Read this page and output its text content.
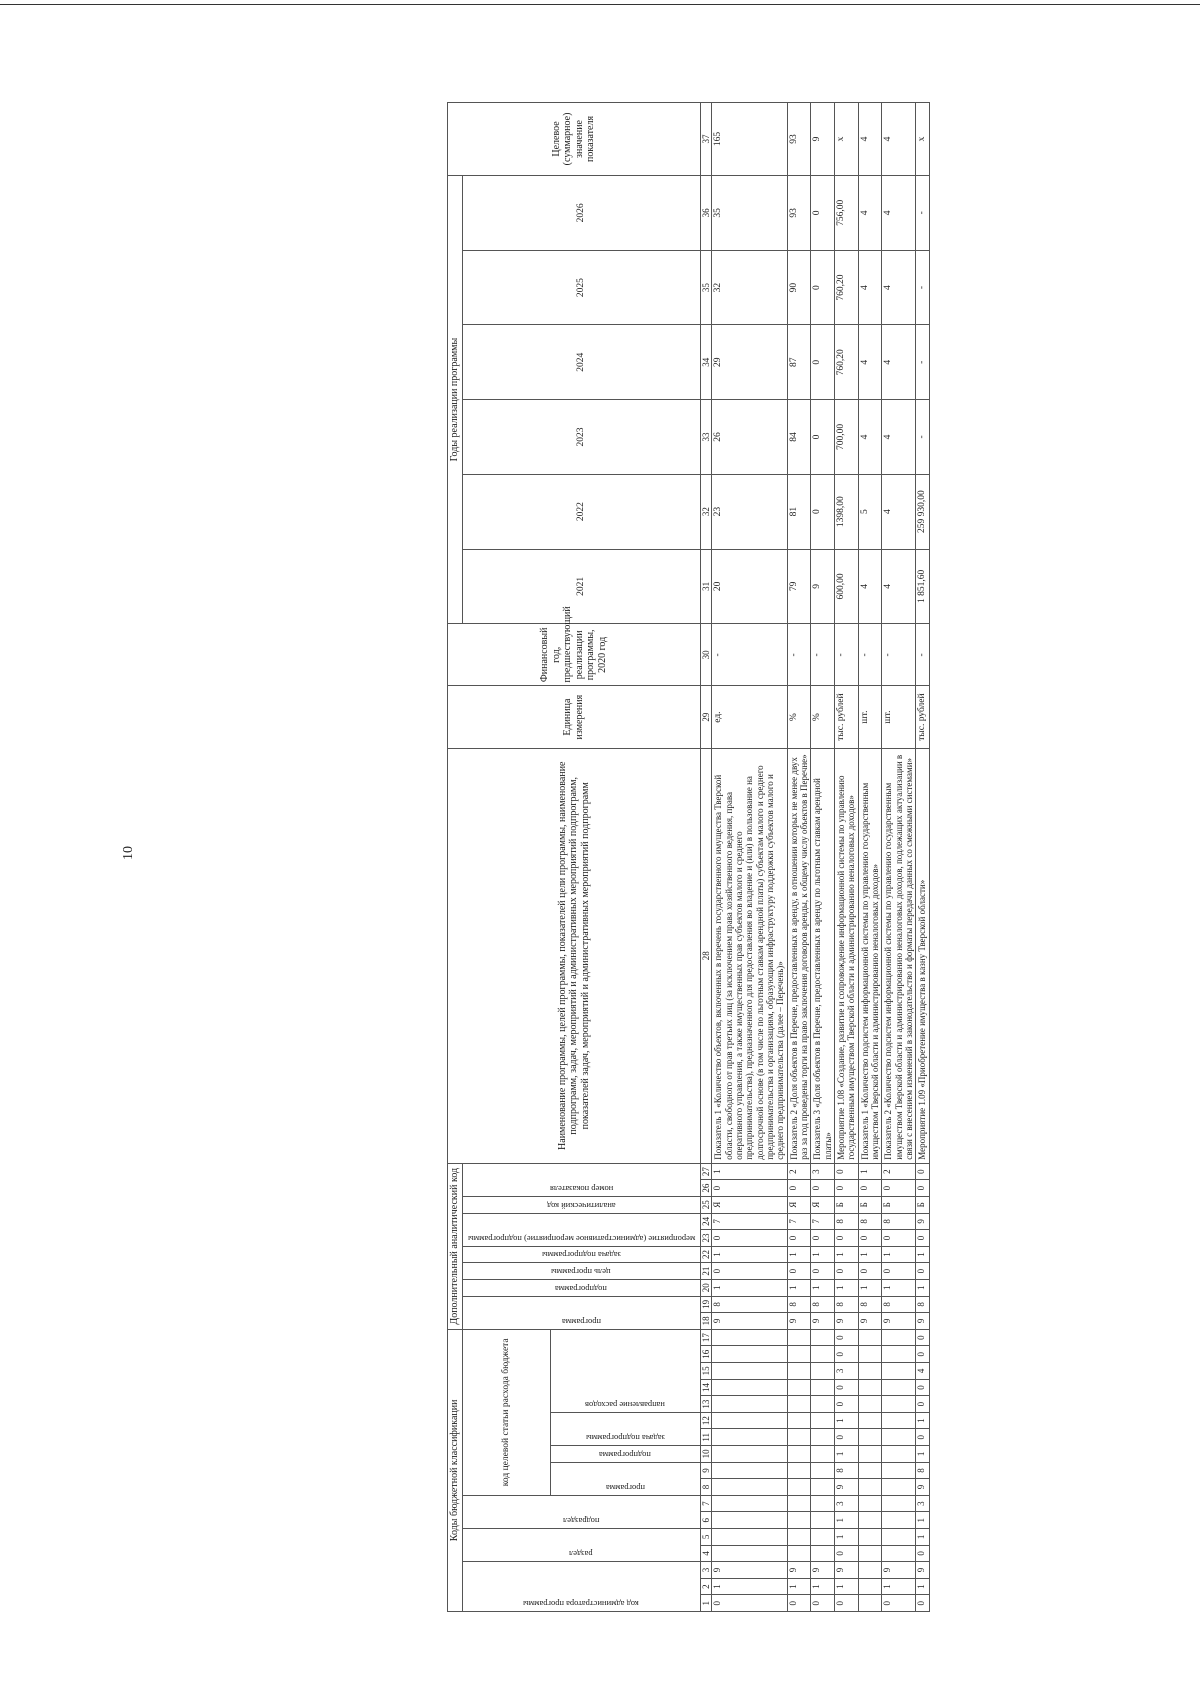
10
Коды бюджетной классификации																	Дополнительный аналитический код										Наименование программы, целей программы, показателей цели программы, наименование подпрограмм, задач, мероприятий и административных мероприятий подпрограмм, показателей задач, мероприятий и административных мероприятий подпрограмм	Единица измерения	Финансовый год, предшествующий реализации программы, 2020 год	Годы реализации программы						Целевое (суммарное) значение показателя

код администратора программы			раздел		подраздел		код целевой статьи расхода бюджета										программа		подпрограмма	цель программы	задача подпрограммы	мероприятие (административное мероприятие) подпрограммы		аналитический код	номер показателя					2021	2022	2023	2024	2025	2026	

							программа		подпрограмма	задача подпрограммы		направление расходов																								

1	2	3	4	5	6	7	8	9	10	11	12	13	14	15	16	17	18	19	20	21	22	23	24	25	26	27	28	29	30	31	32	33	34	35	36	37
0	1	9															9	8	1	0	1	0	7	Я	0	1	Показатель 1 «Количество объектов, включенных в перечень государственного имущества Тверской области, свободного от прав третьих лиц (за исключением права хозяйственного ведения, права оперативного управления, а также имущественных прав субъектов малого и среднего предпринимательства), предназначенного для предоставления во владение и (или) в пользование на долгосрочной основе (в том числе по льготным ставкам арендной платы) субъектам малого и среднего предпринимательства и организациям, образующим инфраструктуру поддержки субъектов малого и среднего предпринимательства (далее – Перечень)»	ед.	-	20	23	26	29	32	35	165
0	1	9															9	8	1	0	1	0	7	Я	0	2	Показатель 2 «Доля объектов в Перечне, предоставленных в аренду, в отношении которых не менее двух раз за год проведены торги на право заключения договоров аренды, к общему числу объектов в Перечне»	%	-	79	81	84	87	90	93	93
0	1	9															9	8	1	0	1	0	7	Я	0	3	Показатель 3 «Доля объектов в Перечне, предоставленных в аренду по льготным ставкам арендной платы»	%	-	9	0	0	0	0	0	9
0	1	9	0	1	1	3	9	8	1	0	1	0	0	3	0	0	9	8	1	0	1	0	8	Б	0	0	Мероприятие 1.08 «Создание, развитие и сопровождение информационной системы по управлению государственным имуществом Тверской области и администрированию неналоговых доходов»	тыс. рублей	-	600,00	1398,00	700,00	760,20	760,20	756,00	х
																	9	8	1	0	1	0	8	Б	0	1	Показатель 1 «Количество подсистем информационной системы по управлению государственным имуществом Тверской области и администрированию неналоговых доходов»	шт.	-	4	5	4	4	4	4	4
0	1	9															9	8	1	0	1	0	8	Б	0	2	Показатель 2 «Количество подсистем информационной системы по управлению государственным имуществом Тверской области и администрированию неналоговых доходов, подлежащих актуализации в связи с внесением изменений в законодательство и форматы передачи данных со смежными системами»	шт.	-	4	4	4	4	4	4	4
0	1	9	0	1	1	3	9	8	1	0	1	0	0	4	0	0	9	8	1	0	1	0	9	Б	0	0	Мероприятие 1.09 «Приобретение имущества в казну Тверской области»	тыс. рублей	-	1 851,60	259 930,00	-	-	-	-	х
